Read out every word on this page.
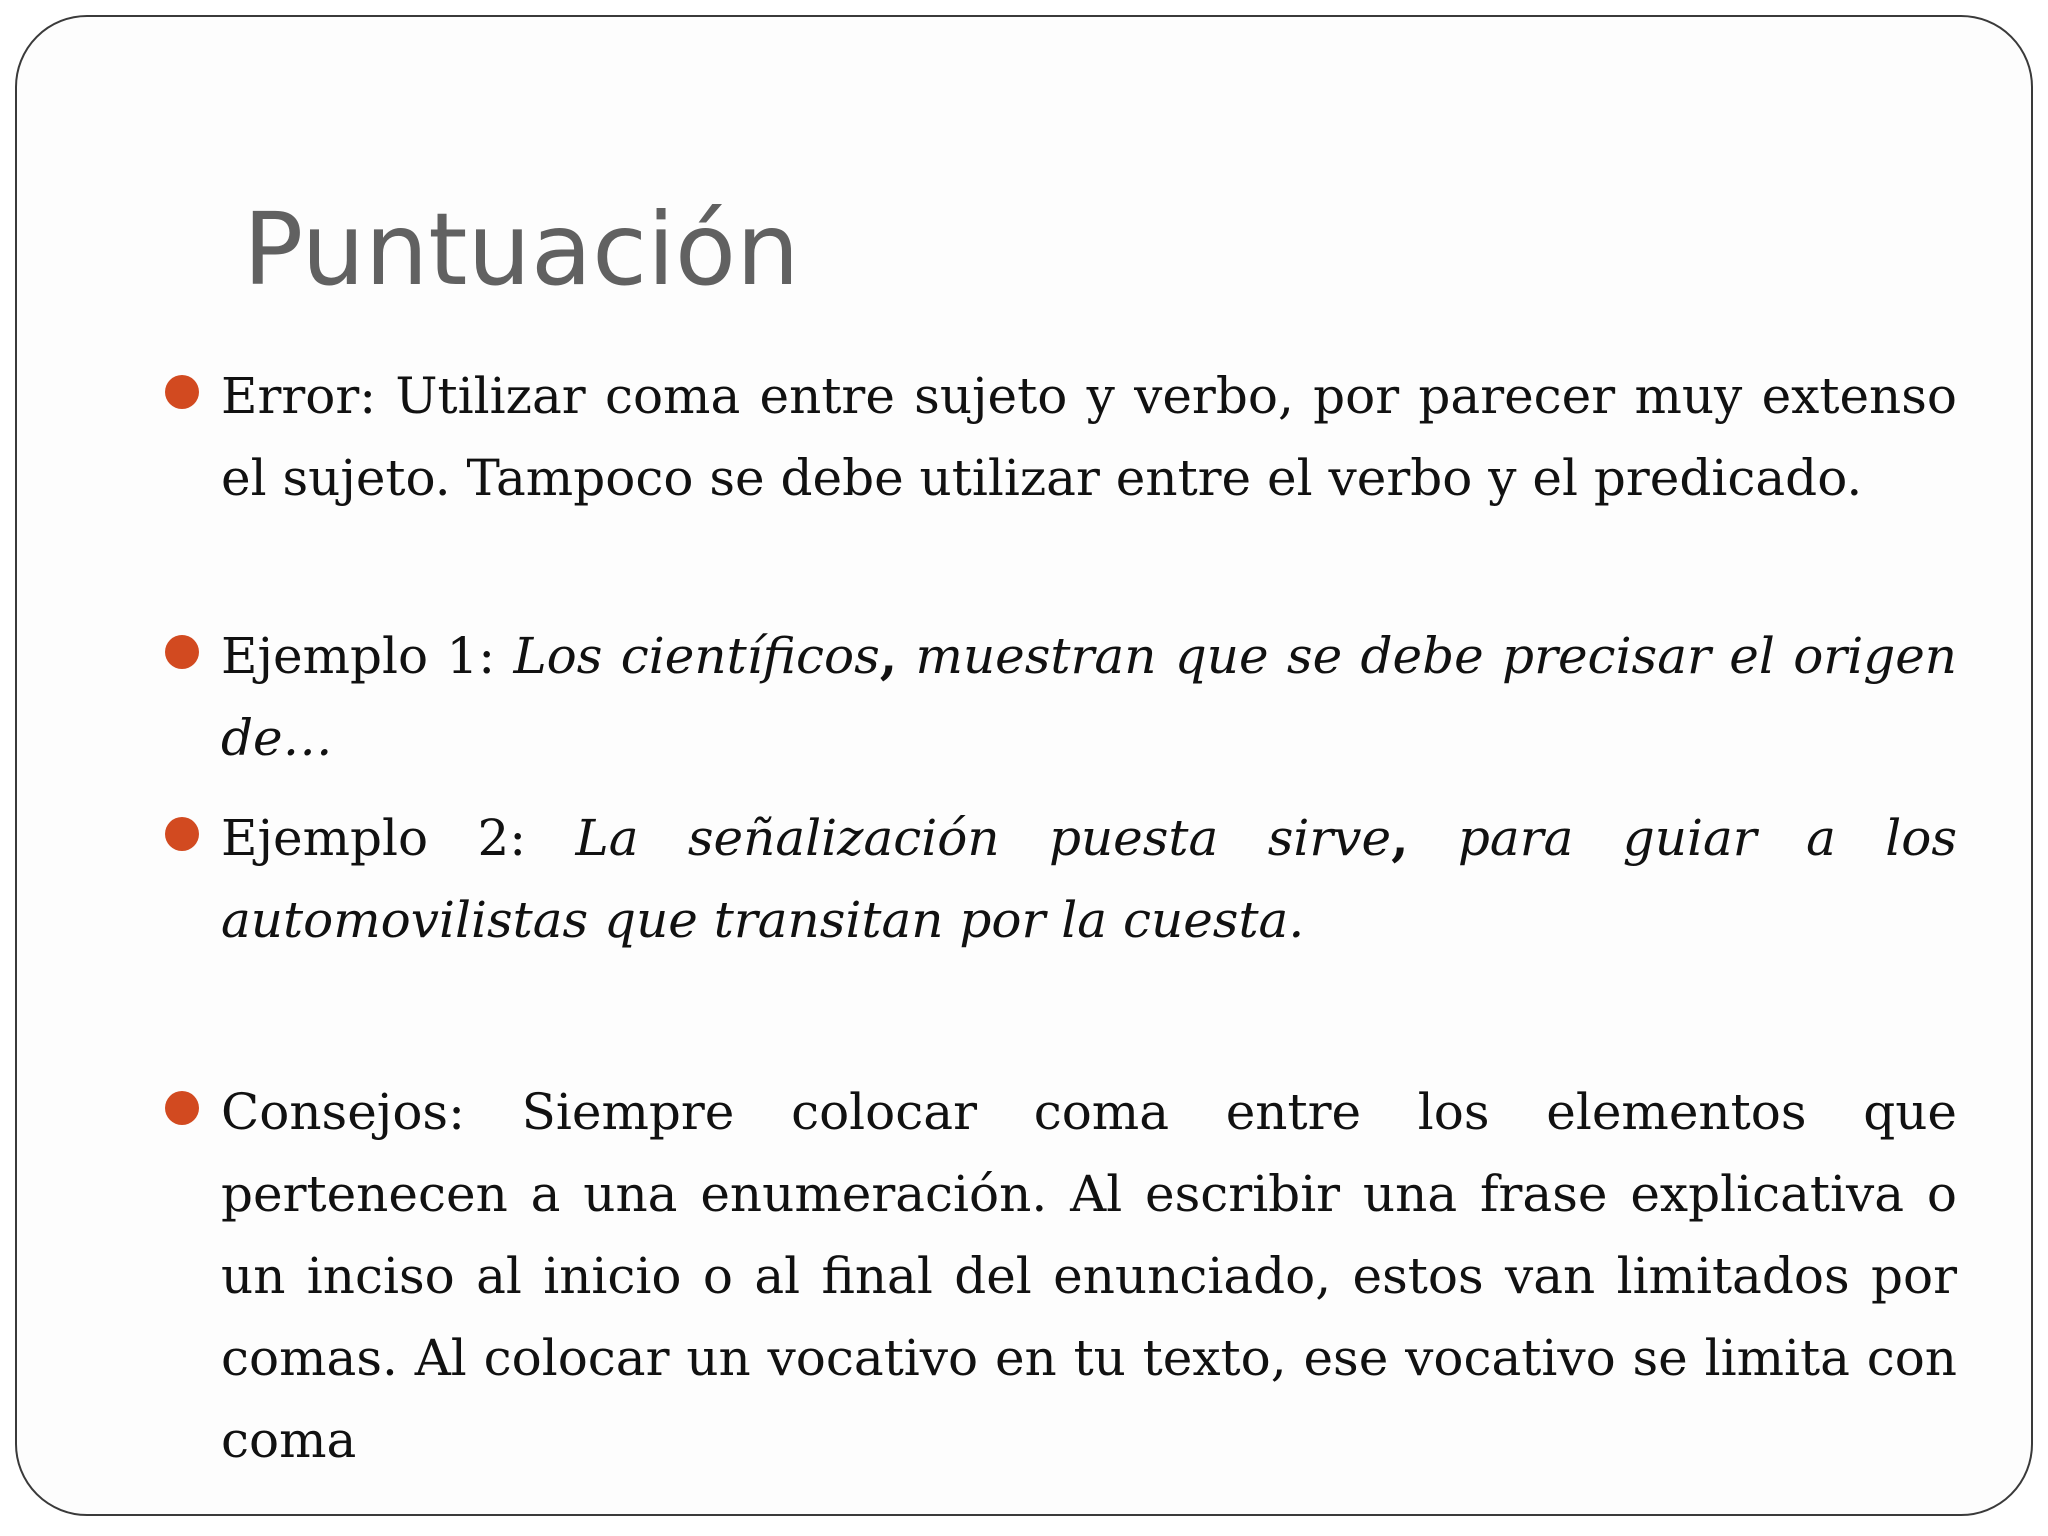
Puntuación
Error: Utilizar coma entre sujeto y verbo, por parecer muy extenso el sujeto. Tampoco se debe utilizar entre el verbo y el predicado.
Ejemplo 1: Los científicos, muestran que se debe precisar el origen de…
Ejemplo 2: La señalización puesta sirve, para guiar a los automovilistas que transitan por la cuesta.
Consejos: Siempre colocar coma entre los elementos que pertenecen a una enumeración. Al escribir una frase explicativa o un inciso al inicio o al final del enunciado, estos van limitados por comas. Al colocar un vocativo en tu texto, ese vocativo se limita con coma
